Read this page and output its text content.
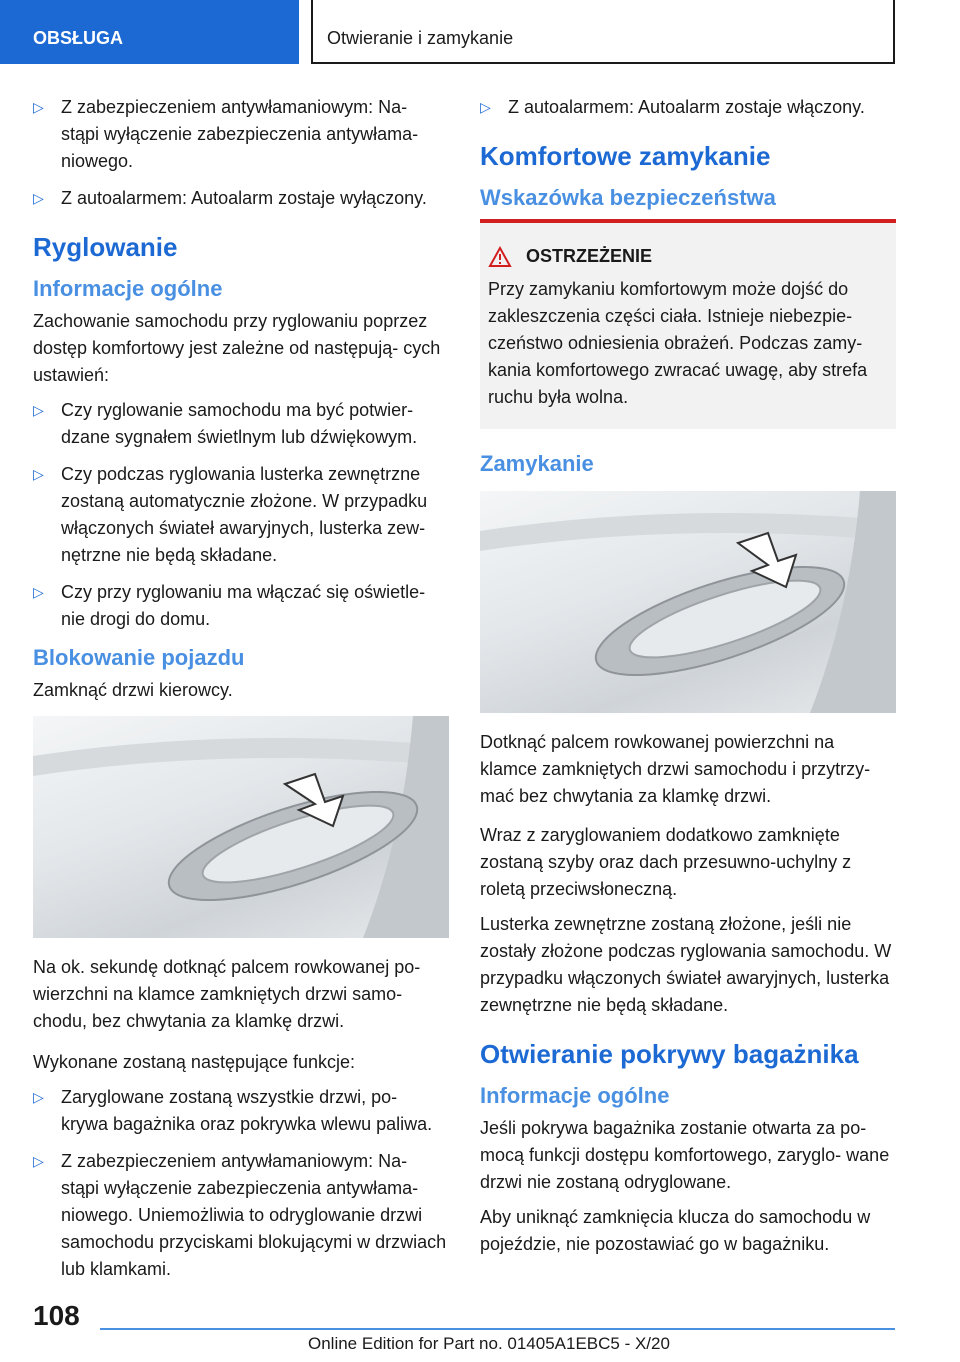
OBSŁUGA	Otwieranie i zamykanie
▷ Z zabezpieczeniem antywłamaniowym: Na- stąpi wyłączenie zabezpieczenia antywłama- niowego.
▷ Z autoalarmem: Autoalarm zostaje wyłączony.
Ryglowanie
Informacje ogólne

Zachowanie samochodu przy ryglowaniu poprzez dostęp komfortowy jest zależne od następują- cych ustawień:

▷ Czy ryglowanie samochodu ma być potwier- dzane sygnałem świetlnym lub dźwiękowym.
▷ Czy podczas ryglowania lusterka zewnętrzne zostaną automatycznie złożone. W przypadku włączonych świateł awaryjnych, lusterka zew- nętrzne nie będą składane.
▷ Czy przy ryglowaniu ma włączać się oświetle- nie drogi do domu.
Blokowanie pojazdu

Zamknąć drzwi kierowcy.

Na ok. sekundę dotknąć palcem rowkowanej po- wierzchni na klamce zamkniętych drzwi samo- chodu, bez chwytania za klamkę drzwi.

Wykonane zostaną następujące funkcje:

▷ Zaryglowane zostaną wszystkie drzwi, po- krywa bagażnika oraz pokrywka wlewu paliwa.
▷ Z zabezpieczeniem antywłamaniowym: Na- stąpi wyłączenie zabezpieczenia antywłama- niowego. Uniemożliwia to odryglowanie drzwi samochodu przyciskami blokującymi w drzwiach lub klamkami.
▷ Z autoalarmem: Autoalarm zostaje włączony.
Komfortowe zamykanie
Wskazówka bezpieczeństwa
OSTRZEŻENIE
Przy zamykaniu komfortowym może dojść do zakleszczenia części ciała. Istnieje niebezpie- czeństwo odniesienia obrażeń. Podczas zamy- kania komfortowego zwracać uwagę, aby strefa ruchu była wolna.
Zamykanie

Dotknąć palcem rowkowanej powierzchni na klamce zamkniętych drzwi samochodu i przytrzy- mać bez chwytania za klamkę drzwi.

Wraz z zaryglowaniem dodatkowo zamknięte zostaną szyby oraz dach przesuwno-uchylny z roletą przeciwsłoneczną.

Lusterka zewnętrzne zostaną złożone, jeśli nie zostały złożone podczas ryglowania samochodu. W przypadku włączonych świateł awaryjnych, lusterka zewnętrzne nie będą składane.

Otwieranie pokrywy bagażnika
Informacje ogólne

Jeśli pokrywa bagażnika zostanie otwarta za po- mocą funkcji dostępu komfortowego, zaryglo- wane drzwi nie zostaną odryglowane.

Aby uniknąć zamknięcia klucza do samochodu w pojeździe, nie pozostawiać go w bagażniku.

108
Online Edition for Part no. 01405A1EBC5 - X/20
